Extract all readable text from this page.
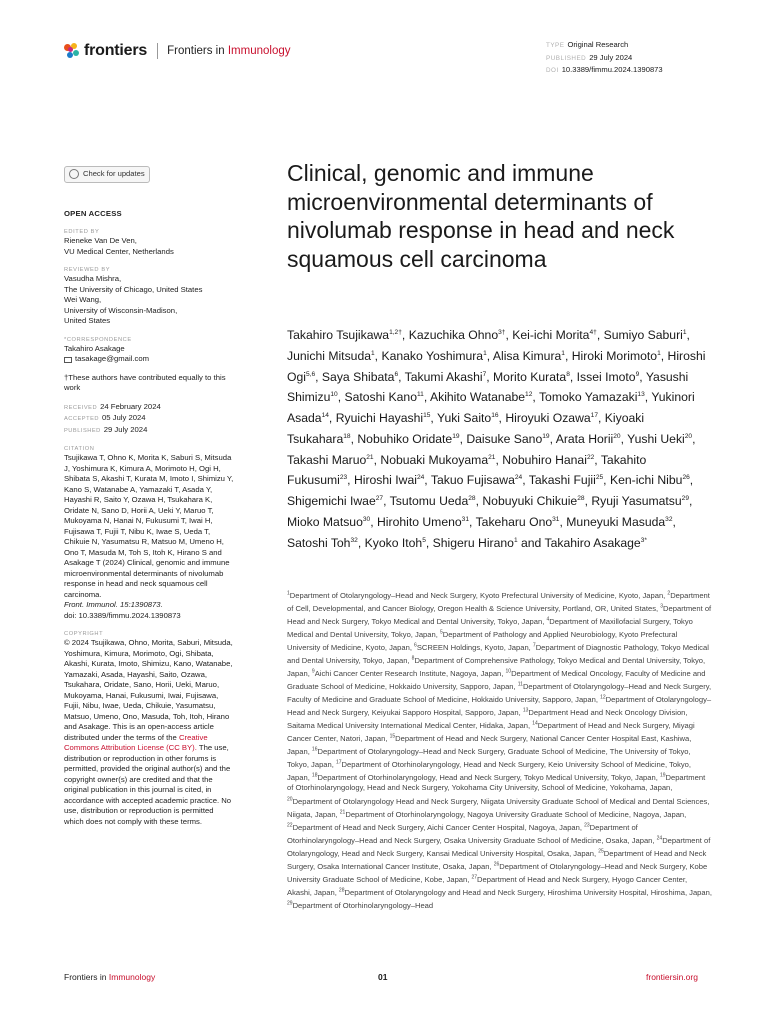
frontiers Frontiers in Immunology	TYPE Original Research
PUBLISHED 29 July 2024
DOI 10.3389/fimmu.2024.1390873
Check for updates
OPEN ACCESS
EDITED BY
Rieneke Van De Ven,
VU Medical Center, Netherlands
REVIEWED BY
Vasudha Mishra,
The University of Chicago, United States
Wei Wang,
University of Wisconsin-Madison,
United States
*CORRESPONDENCE
Takahiro Asakage
tasakage@gmail.com
†These authors have contributed equally to this work
RECEIVED 24 February 2024
ACCEPTED 05 July 2024
PUBLISHED 29 July 2024
CITATION
Tsujikawa T, Ohno K, Morita K, Saburi S, Mitsuda J, Yoshimura K, Kimura A, Morimoto H, Ogi H, Shibata S, Akashi T, Kurata M, Imoto I, Shimizu Y, Kano S, Watanabe A, Yamazaki T, Asada Y, Hayashi R, Saito Y, Ozawa H, Tsukahara K, Oridate N, Sano D, Horii A, Ueki Y, Maruo T, Mukoyama N, Hanai N, Fukusumi T, Iwai H, Fujisawa T, Fujii T, Nibu K, Iwae S, Ueda T, Chikuie N, Yasumatsu R, Matsuo M, Umeno H, Ono T, Masuda M, Toh S, Itoh K, Hirano S and Asakage T (2024) Clinical, genomic and immune microenvironmental determinants of nivolumab response in head and neck squamous cell carcinoma.
Front. Immunol. 15:1390873.
doi: 10.3389/fimmu.2024.1390873
COPYRIGHT
© 2024 Tsujikawa, Ohno, Morita, Saburi, Mitsuda, Yoshimura, Kimura, Morimoto, Ogi, Shibata, Akashi, Kurata, Imoto, Shimizu, Kano, Watanabe, Yamazaki, Asada, Hayashi, Saito, Ozawa, Tsukahara, Oridate, Sano, Horii, Ueki, Maruo, Mukoyama, Hanai, Fukusumi, Iwai, Fujisawa, Fujii, Nibu, Iwae, Ueda, Chikuie, Yasumatsu, Matsuo, Umeno, Ono, Masuda, Toh, Itoh, Hirano and Asakage. This is an open-access article distributed under the terms of the Creative Commons Attribution License (CC BY). The use, distribution or reproduction in other forums is permitted, provided the original author(s) and the copyright owner(s) are credited and that the original publication in this journal is cited, in accordance with accepted academic practice. No use, distribution or reproduction is permitted which does not comply with these terms.
Clinical, genomic and immune microenvironmental determinants of nivolumab response in head and neck squamous cell carcinoma
Takahiro Tsujikawa$^{1,2\dagger}$, Kazuchika Ohno$^{3\dagger}$, Kei-ichi Morita$^{4\dagger}$, Sumiyo Saburi$^1$, Junichi Mitsuda$^1$, Kanako Yoshimura$^1$, Alisa Kimura$^1$, Hiroki Morimoto$^1$, Hiroshi Ogi$^{5,6}$, Saya Shibata$^6$, Takumi Akashi$^7$, Morito Kurata$^8$, Issei Imoto$^9$, Yasushi Shimizu$^{10}$, Satoshi Kano$^{11}$, Akihito Watanabe$^{12}$, Tomoko Yamazaki$^{13}$, Yukinori Asada$^{14}$, Ryuichi Hayashi$^{15}$, Yuki Saito$^{16}$, Hiroyuki Ozawa$^{17}$, Kiyoaki Tsukahara$^{18}$, Nobuhiko Oridate$^{19}$, Daisuke Sano$^{19}$, Arata Horii$^{20}$, Yushi Ueki$^{20}$, Takashi Maruo$^{21}$, Nobuaki Mukoyama$^{21}$, Nobuhiro Hanai$^{22}$, Takahito Fukusumi$^{23}$, Hiroshi Iwai$^{24}$, Takuo Fujisawa$^{24}$, Takashi Fujii$^{25}$, Ken-ichi Nibu$^{26}$, Shigemichi Iwae$^{27}$, Tsutomu Ueda$^{28}$, Nobuyuki Chikuie$^{28}$, Ryuji Yasumatsu$^{29}$, Mioko Matsuo$^{30}$, Hirohito Umeno$^{31}$, Takeharu Ono$^{31}$, Muneyuki Masuda$^{32}$, Satoshi Toh$^{32}$, Kyoko Itoh$^5$, Shigeru Hirano$^1$ and Takahiro Asakage$^{3*}$
$^1$Department of Otolaryngology–Head and Neck Surgery, Kyoto Prefectural University of Medicine, Kyoto, Japan, $^2$Department of Cell, Developmental, and Cancer Biology, Oregon Health & Science University, Portland, OR, United States, $^3$Department of Head and Neck Surgery, Tokyo Medical and Dental University, Tokyo, Japan, $^4$Department of Maxillofacial Surgery, Tokyo Medical and Dental University, Tokyo, Japan, $^5$Department of Pathology and Applied Neurobiology, Kyoto Prefectural University of Medicine, Kyoto, Japan, $^6$SCREEN Holdings, Kyoto, Japan, $^7$Department of Diagnostic Pathology, Tokyo Medical and Dental University, Tokyo, Japan, $^8$Department of Comprehensive Pathology, Tokyo Medical and Dental University, Tokyo, Japan, $^9$Aichi Cancer Center Research Institute, Nagoya, Japan, $^{10}$Department of Medical Oncology, Faculty of Medicine and Graduate School of Medicine, Hokkaido University, Sapporo, Japan, $^{11}$Department of Otolaryngology–Head and Neck Surgery, Faculty of Medicine and Graduate School of Medicine, Hokkaido University, Sapporo, Japan, $^{12}$Department of Otolaryngology– Head and Neck Surgery, Keiyukai Sapporo Hospital, Sapporo, Japan, $^{13}$Department Head and Neck Oncology Division, Saitama Medical University International Medical Center, Hidaka, Japan, $^{14}$Department of Head and Neck Surgery, Miyagi Cancer Center, Natori, Japan, $^{15}$Department of Head and Neck Surgery, National Cancer Center Hospital East, Kashiwa, Japan, $^{16}$Department of Otolaryngology–Head and Neck Surgery, Graduate School of Medicine, The University of Tokyo, Tokyo, Japan, $^{17}$Department of Otorhinolaryngology, Head and Neck Surgery, Keio University School of Medicine, Tokyo, Japan, $^{18}$Department of Otorhinolaryngology, Head and Neck Surgery, Tokyo Medical University, Tokyo, Japan, $^{19}$Department of Otorhinolaryngology, Head and Neck Surgery, Yokohama City University, School of Medicine, Yokohama, Japan, $^{20}$Department of Otolaryngology Head and Neck Surgery, Niigata University Graduate School of Medical and Dental Sciences, Niigata, Japan, $^{21}$Department of Otorhinolaryngology, Nagoya University Graduate School of Medicine, Nagoya, Japan, $^{22}$Department of Head and Neck Surgery, Aichi Cancer Center Hospital, Nagoya, Japan, $^{23}$Department of Otorhinolaryngology–Head and Neck Surgery, Osaka University Graduate School of Medicine, Osaka, Japan, $^{24}$Department of Otolaryngology, Head and Neck Surgery, Kansai Medical University Hospital, Osaka, Japan, $^{25}$Department of Head and Neck Surgery, Osaka International Cancer Institute, Osaka, Japan, $^{26}$Department of Otolaryngology–Head and Neck Surgery, Kobe University Graduate School of Medicine, Kobe, Japan, $^{27}$Department of Head and Neck Surgery, Hyogo Cancer Center, Akashi, Japan, $^{28}$Department of Otolaryngology and Head and Neck Surgery, Hiroshima University Hospital, Hiroshima, Japan, $^{29}$Department of Otorhinolaryngology–Head
Frontiers in Immunology	01	frontiersin.org
